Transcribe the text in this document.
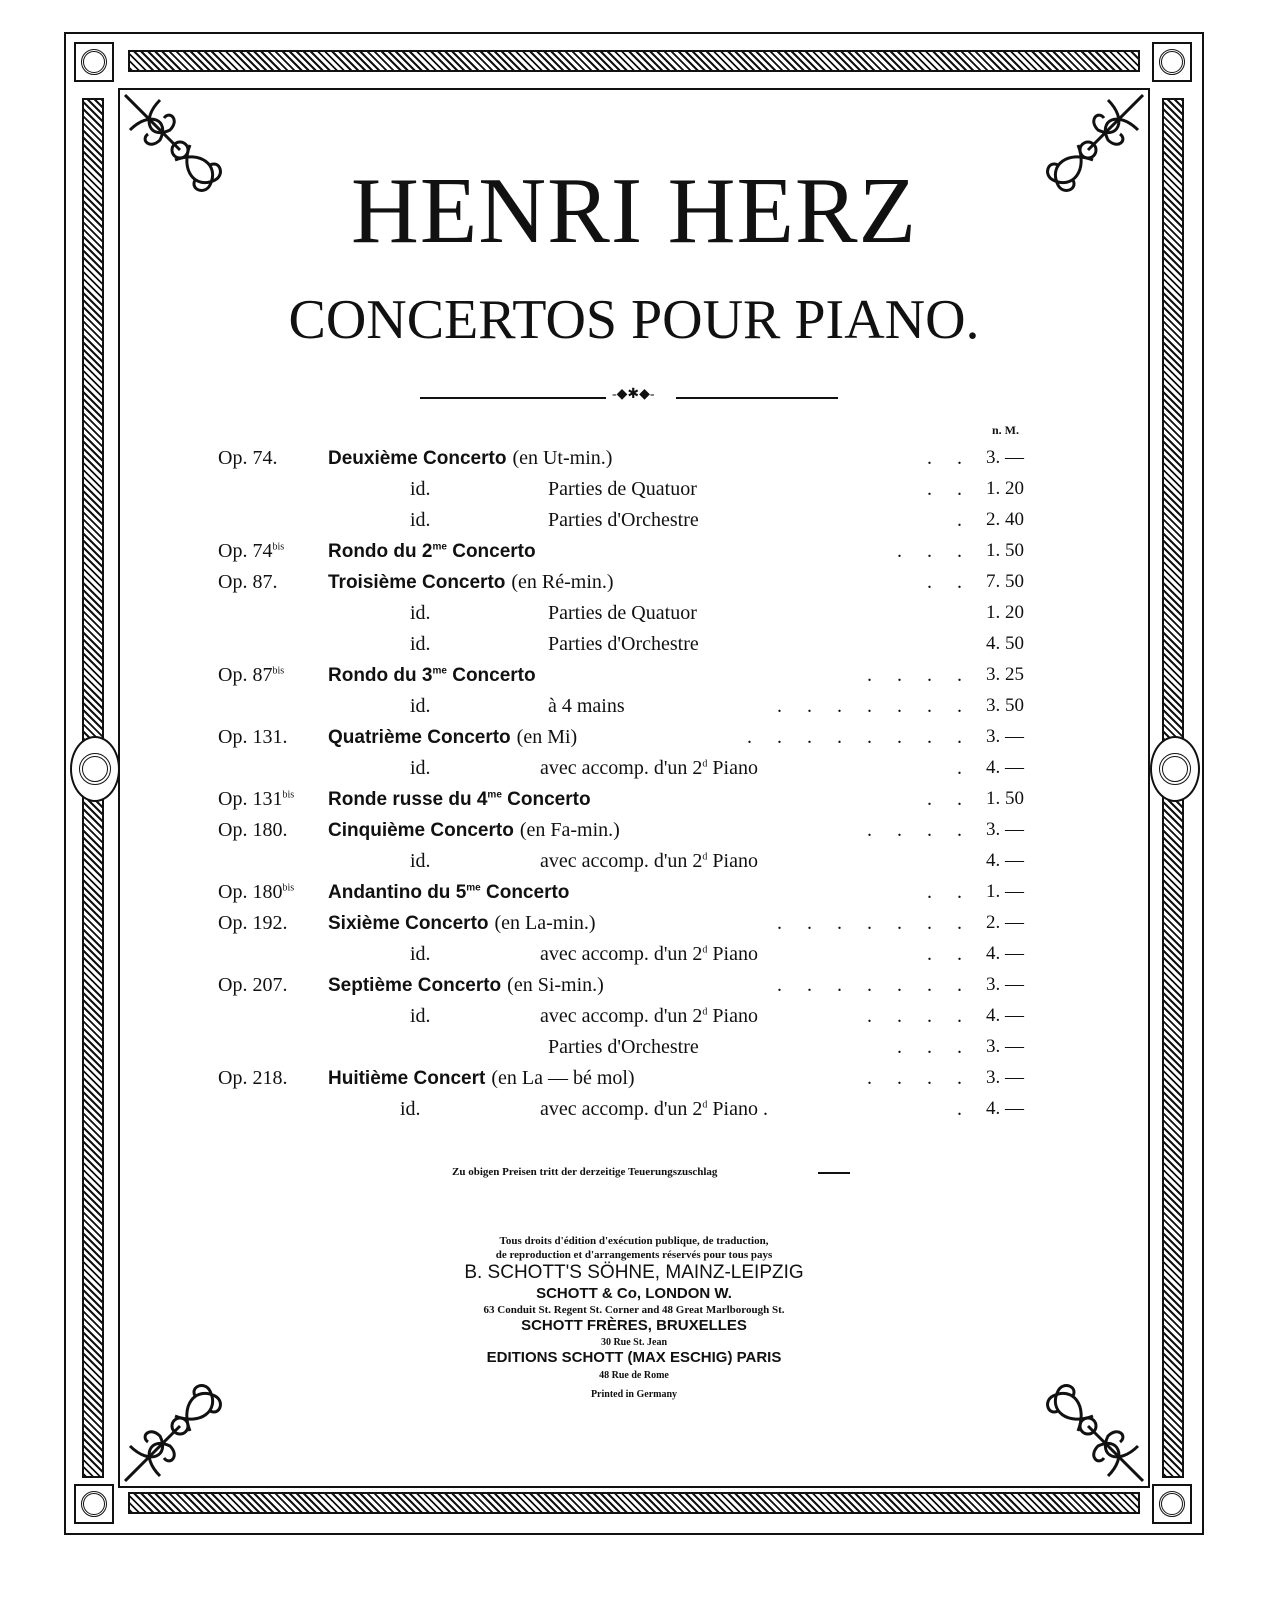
HENRI HERZ
CONCERTOS POUR PIANO.
-◆✱◆-
n. M.
Op. 74.	Deuxième Concerto (en Ut-min.)	. . 3. —
id.	Parties de Quatuor	. . 1. 20
id.	Parties d'Orchestre	. 2. 40
Op. $74^{bis}$ Rondo du $2^{me}$ Concerto	. . . 1. 50
Op. 87.	Troisième Concerto (en Ré-min.)	. . 7. 50
id.	Parties de Quatuor	1. 20
id.	Parties d'Orchestre	4. 50
Op. $87^{bis}$ Rondo du $3^{me}$ Concerto	. . . . 3. 25
id.	à 4 mains	. . . . . . . 3. 50
Op. 131. Quatrième Concerto (en Mi)	. . . . . . . . 3. —
id.	avec accomp. d'un 2$^d$ Piano	. 4. —
Op. $131^{bis}$ Ronde russe du $4^{me}$ Concerto	. . 1. 50
Op. 180. Cinquième Concerto (en Fa-min.)	. . . . 3. —
id.	avec accomp. d'un 2$^d$ Piano	4. —
Op. $180^{bis}$ Andantino du $5^{me}$ Concerto	. . 1. —
Op. 192. Sixième Concerto (en La-min.)	. . . . . . . 2. —
id.	avec accomp. d'un 2$^d$ Piano	. . 4. —
Op. 207. Septième Concerto (en Si-min.)	. . . . . . . 3. —
id.	avec accomp. d'un 2$^d$ Piano	. . . . 4. —
Parties d'Orchestre	. . . 3. —
Op. 218. Huitième Concert (en La — bé mol)	. . . . 3. —
id.	avec accomp. d'un 2$^d$ Piano .	. 4. —
Zu obigen Preisen tritt der derzeitige Teuerungszuschlag
Tous droits d'édition d'exécution publique, de traduction,
de reproduction et d'arrangements réservés pour tous pays
B. SCHOTT'S SÖHNE, MAINZ-LEIPZIG
SCHOTT & Co, LONDON W.
63 Conduit St. Regent St. Corner and 48 Great Marlborough St.
SCHOTT FRÈRES, BRUXELLES
30 Rue St. Jean
EDITIONS SCHOTT (MAX ESCHIG) PARIS
48 Rue de Rome
Printed in Germany
